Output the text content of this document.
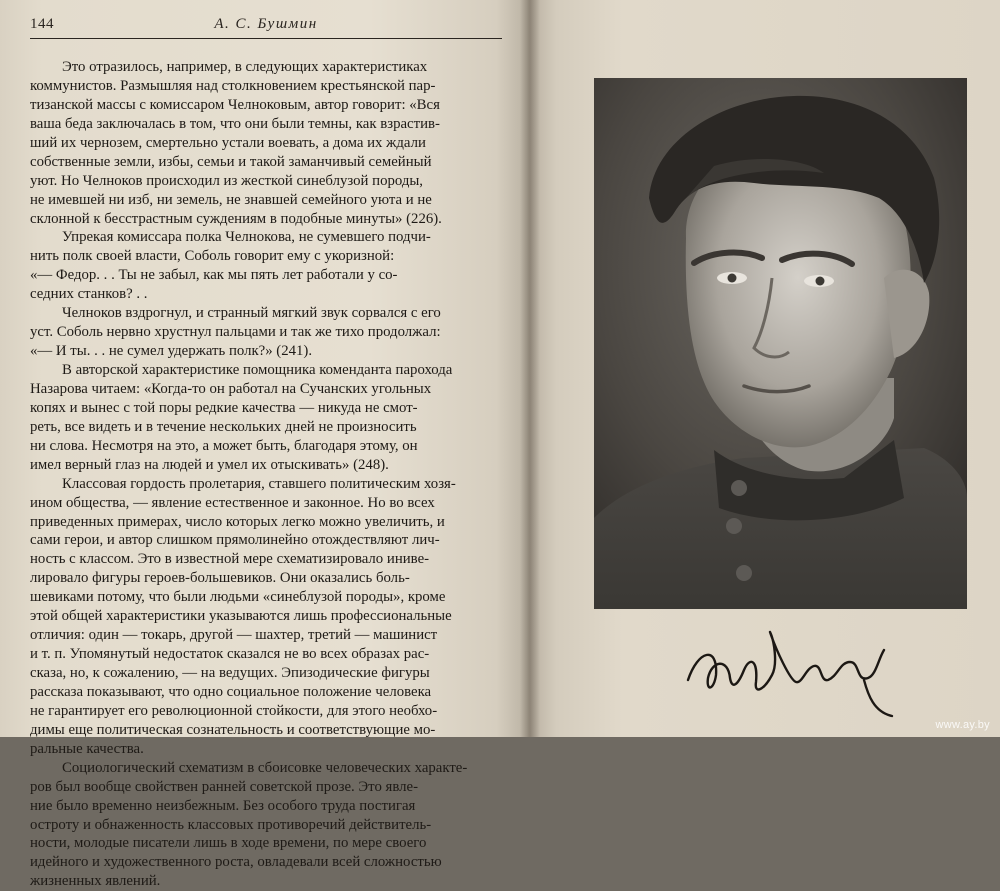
144	А. С. Бушмин
Это отразилось, например, в следующих характеристиках
коммунистов. Размышляя над столкновением крестьянской пар-
тизанской массы с комиссаром Челноковым, автор говорит: «Вся
ваша беда заключалась в том, что они были темны, как взрастив-
ший их чернозем, смертельно устали воевать, а дома их ждали
собственные земли, избы, семьи и такой заманчивый семейный
уют. Но Челноков происходил из жесткой синеблузой породы,
не имевшей ни изб, ни земель, не знавшей семейного уюта и не
склонной к бесстрастным суждениям в подобные минуты» (226).
Упрекая комиссара полка Челнокова, не сумевшего подчи-
нить полк своей власти, Соболь говорит ему с укоризной:
«— Федор. . . Ты не забыл, как мы пять лет работали у со-
седних станков? . .
Челноков вздрогнул, и странный мягкий звук сорвался с его
уст. Соболь нервно хрустнул пальцами и так же тихо продолжал:
«— И ты. . . не сумел удержать полк?» (241).
В авторской характеристике помощника коменданта парохода
Назарова читаем: «Когда-то он работал на Сучанских угольных
копях и вынес с той поры редкие качества — никуда не смот-
реть, все видеть и в течение нескольких дней не произносить
ни слова. Несмотря на это, а может быть, благодаря этому, он
имел верный глаз на людей и умел их отыскивать» (248).
Классовая гордость пролетария, ставшего политическим хозя-
ином общества, — явление естественное и законное. Но во всех
приведенных примерах, число которых легко можно увеличить, и
сами герои, и автор слишком прямолинейно отождествляют лич-
ность с классом. Это в известной мере схематизировало иниве-
лировало фигуры героев-большевиков. Они оказались боль-
шевиками потому, что были людьми «синеблузой породы», кроме
этой общей характеристики указываются лишь профессиональные
отличия: один — токарь, другой — шахтер, третий — машинист
и т. п. Упомянутый недостаток сказался не во всех образах рас-
сказа, но, к сожалению, — на ведущих. Эпизодические фигуры
рассказа показывают, что одно социальное положение человека
не гарантирует его революционной стойкости, для этого необхо-
димы еще политическая сознательность и соответствующие мо-
ральные качества.
Социологический схематизм в сбоисовке человеческих характе-
ров был вообще свойствен ранней советской прозе. Это явле-
ние было временно неизбежным. Без особого труда постигая
остроту и обнаженность классовых противоречий действитель-
ности, молодые писатели лишь в ходе времени, по мере своего
идейного и художественного роста, овладевали всей сложностью
жизненных явлений.
www.ay.by
